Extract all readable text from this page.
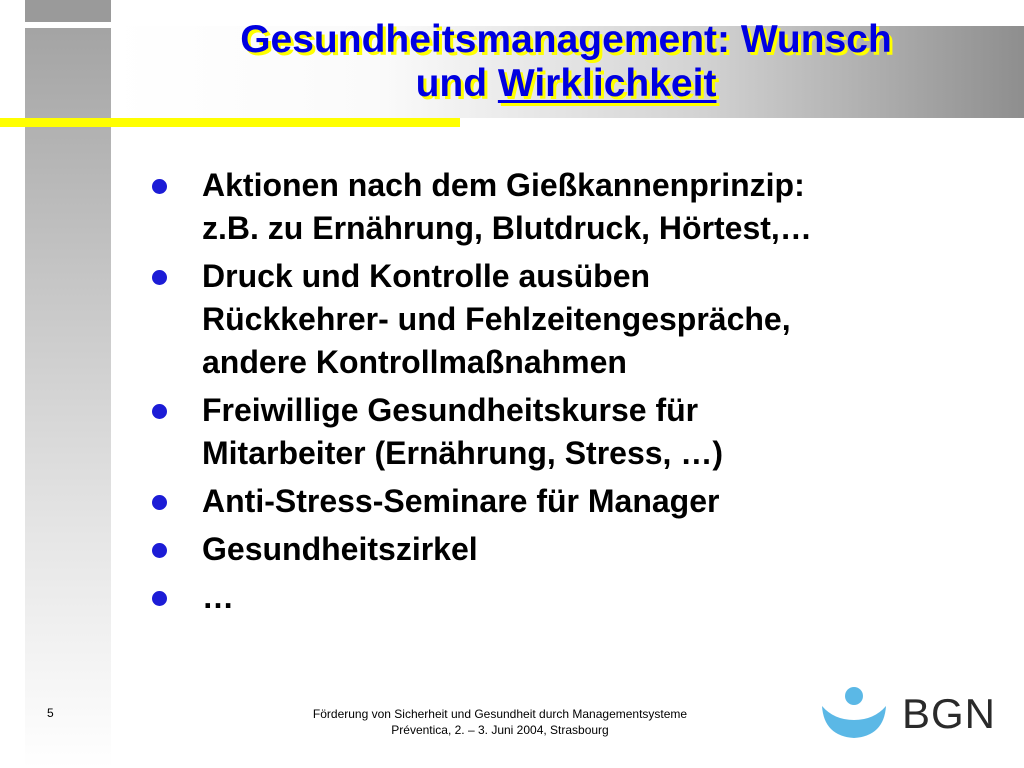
Gesundheitsmanagement: Wunsch
und Wirklichkeit
Aktionen nach dem Gießkannenprinzip:
z.B. zu Ernährung, Blutdruck, Hörtest,…
Druck und Kontrolle ausüben
Rückkehrer- und Fehlzeitengespräche,
andere Kontrollmaßnahmen
Freiwillige Gesundheitskurse für
Mitarbeiter (Ernährung, Stress, …)
Anti-Stress-Seminare für Manager
Gesundheitszirkel
…
5	Förderung von Sicherheit und Gesundheit durch Managementsysteme
Préventica, 2. – 3. Juni 2004, Strasbourg	BGN
